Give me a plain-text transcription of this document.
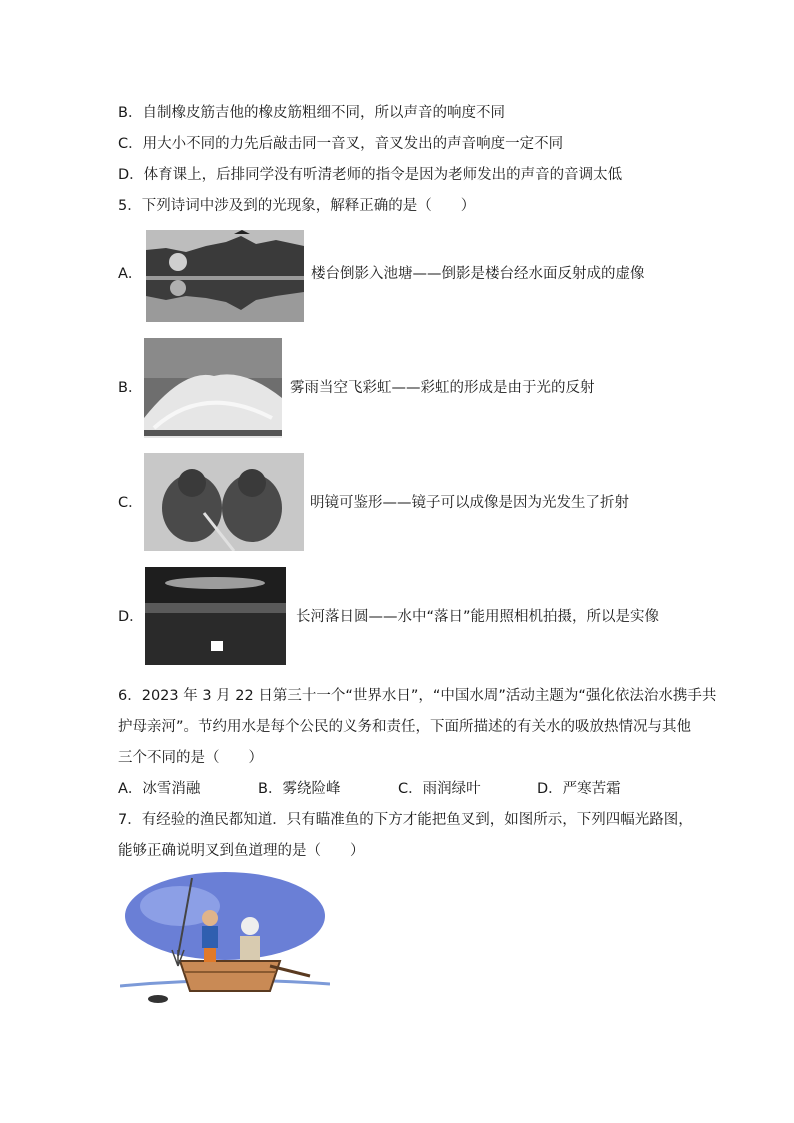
B．自制橡皮筋吉他的橡皮筋粗细不同，所以声音的响度不同
C．用大小不同的力先后敲击同一音叉，音叉发出的声音响度一定不同
D．体育课上，后排同学没有听清老师的指令是因为老师发出的声音的音调太低
5．下列诗词中涉及到的光现象，解释正确的是（　　）
A．	楼台倒影入池塘——倒影是楼台经水面反射成的虚像
B．	雾雨当空飞彩虹——彩虹的形成是由于光的反射
C．	明镜可鉴形——镜子可以成像是因为光发生了折射
D．	长河落日圆——水中“落日”能用照相机拍摄，所以是实像
6．2023 年 3 月 22 日第三十一个“世界水日”，“中国水周”活动主题为“强化依法治水携手共
护母亲河”。节约用水是每个公民的义务和责任，下面所描述的有关水的吸放热情况与其他
三个不同的是（　　）
A．冰雪消融	B．雾绕险峰	C．雨润绿叶	D．严寒苦霜
7．有经验的渔民都知道．只有瞄准鱼的下方才能把鱼叉到，如图所示，下列四幅光路图，
能够正确说明叉到鱼道理的是（　　）
